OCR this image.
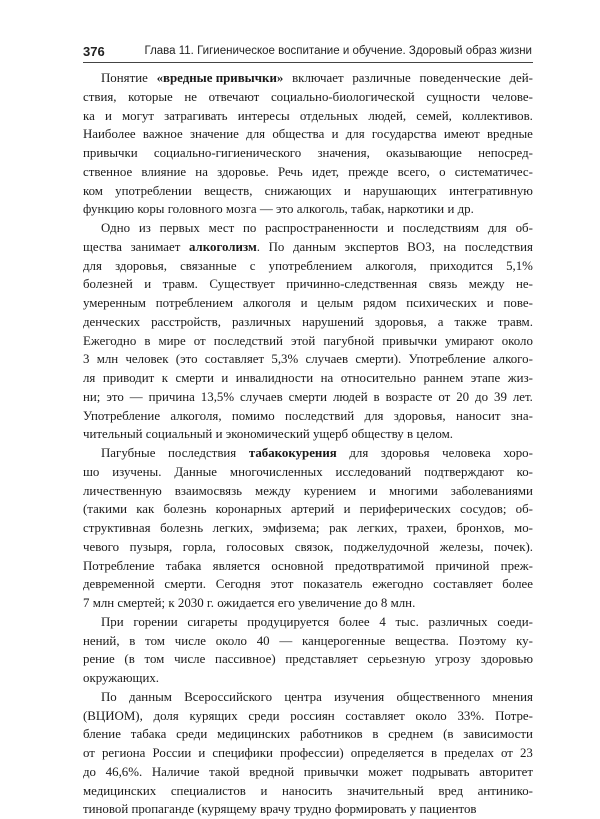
376	Глава 11. Гигиеническое воспитание и обучение. Здоровый образ жизни
Понятие «вредные привычки» включает различные поведенческие дей-
ствия, которые не отвечают социально-биологической сущности челове-
ка и могут затрагивать интересы отдельных людей, семей, коллективов.
Наиболее важное значение для общества и для государства имеют вредные
привычки социально-гигиенического значения, оказывающие непосред-
ственное влияние на здоровье. Речь идет, прежде всего, о систематичес-
ком употреблении веществ, снижающих и нарушающих интегративную
функцию коры головного мозга — это алкоголь, табак, наркотики и др.
Одно из первых мест по распространенности и последствиям для об-
щества занимает алкоголизм. По данным экспертов ВОЗ, на последствия
для здоровья, связанные с употреблением алкоголя, приходится 5,1%
болезней и травм. Существует причинно-следственная связь между не-
умеренным потреблением алкоголя и целым рядом психических и пове-
денческих расстройств, различных нарушений здоровья, а также травм.
Ежегодно в мире от последствий этой пагубной привычки умирают около
3 млн человек (это составляет 5,3% случаев смерти). Употребление алкого-
ля приводит к смерти и инвалидности на относительно раннем этапе жиз-
ни; это — причина 13,5% случаев смерти людей в возрасте от 20 до 39 лет.
Употребление алкоголя, помимо последствий для здоровья, наносит зна-
чительный социальный и экономический ущерб обществу в целом.
Пагубные последствия табакокурения для здоровья человека хоро-
шо изучены. Данные многочисленных исследований подтверждают ко-
личественную взаимосвязь между курением и многими заболеваниями
(такими как болезнь коронарных артерий и периферических сосудов; об-
структивная болезнь легких, эмфизема; рак легких, трахеи, бронхов, мо-
чевого пузыря, горла, голосовых связок, поджелудочной железы, почек).
Потребление табака является основной предотвратимой причиной преж-
девременной смерти. Сегодня этот показатель ежегодно составляет более
7 млн смертей; к 2030 г. ожидается его увеличение до 8 млн.
При горении сигареты продуцируется более 4 тыс. различных соеди-
нений, в том числе около 40 — канцерогенные вещества. Поэтому ку-
рение (в том числе пассивное) представляет серьезную угрозу здоровью
окружающих.
По данным Всероссийского центра изучения общественного мнения
(ВЦИОМ), доля курящих среди россиян составляет около 33%. Потре-
бление табака среди медицинских работников в среднем (в зависимости
от региона России и специфики профессии) определяется в пределах от 23
до 46,6%. Наличие такой вредной привычки может подрывать авторитет
медицинских специалистов и наносить значительный вред антинико-
тиновой пропаганде (курящему врачу трудно формировать у пациентов
